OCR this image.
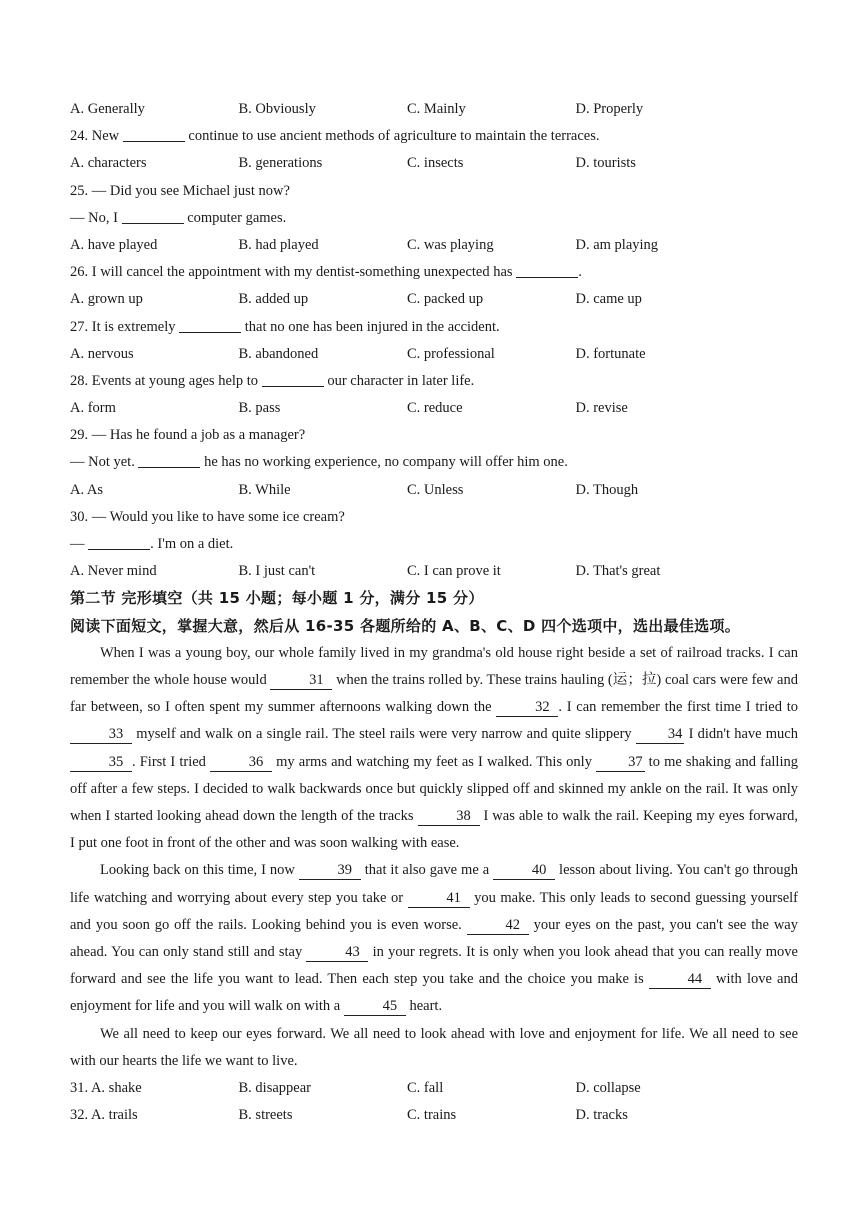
A. Generally	B. Obviously	C. Mainly	D. Properly
24. New	continue to use ancient methods of agriculture to maintain the terraces.
A. characters	B. generations	C. insects	D. tourists
25. — Did you see Michael just now?
— No, I	computer games.
A. have played	B. had played	C. was playing	D. am playing
26. I will cancel the appointment with my dentist-something unexpected has	.
A. grown up	B. added up	C. packed up	D. came up
27. It is extremely	that no one has been injured in the accident.
A. nervous	B. abandoned	C. professional	D. fortunate
28. Events at young ages help to	our character in later life.
A. form	B. pass	C. reduce	D. revise
29. — Has he found a job as a manager?
— Not yet.	he has no working experience, no company will offer him one.
A. As	B. While	C. Unless	D. Though
30. — Would you like to have some ice cream?
—	. I'm on a diet.
A. Never mind	B. I just can't	C. I can prove it	D. That's great
第二节 完形填空（共 15 小题；每小题 1 分，满分 15 分）
阅读下面短文，掌握大意，然后从 16-35 各题所给的 A、B、C、D 四个选项中，选出最佳选项。

When I was a young boy, our whole family lived in my grandma's old house right beside a set of railroad tracks. I can remember the whole house would	31 when the trains rolled by. These trains hauling (运；拉) coal cars were few and far between, so I often spent my summer afternoons walking down the	32 . I can remember the first time I tried to 33 myself and walk on a single rail. The steel rails were very narrow and quite slippery 34 I didn't have much 35 . First I tried	36 my arms and watching my feet as I walked. This only 37 to me shaking and falling off after a few steps. I decided to walk backwards once but quickly slipped off and skinned my ankle on the rail. It was only when I started looking ahead down the length of the tracks	38 I was able to walk the rail. Keeping my eyes forward, I put one foot in front of the other and was soon walking with ease.

Looking back on this time, I now	39 that it also gave me a	40 lesson about living. You can't go through life watching and worrying about every step you take or	41 you make. This only leads to second guessing yourself and you soon go off the rails. Looking behind you is even worse.	42 your eyes on the past, you can't see the way ahead. You can only stand still and stay	43 in your regrets. It is only when you look ahead that you can really move forward and see the life you want to lead. Then each step you take and the choice you make is	44 with love and enjoyment for life and you will walk on with a	45 heart.

We all need to keep our eyes forward. We all need to look ahead with love and enjoyment for life. We all need to see with our hearts the life we want to live.

31. A. shake	B. disappear	C. fall	D. collapse
32. A. trails	B. streets	C. trains	D. tracks
